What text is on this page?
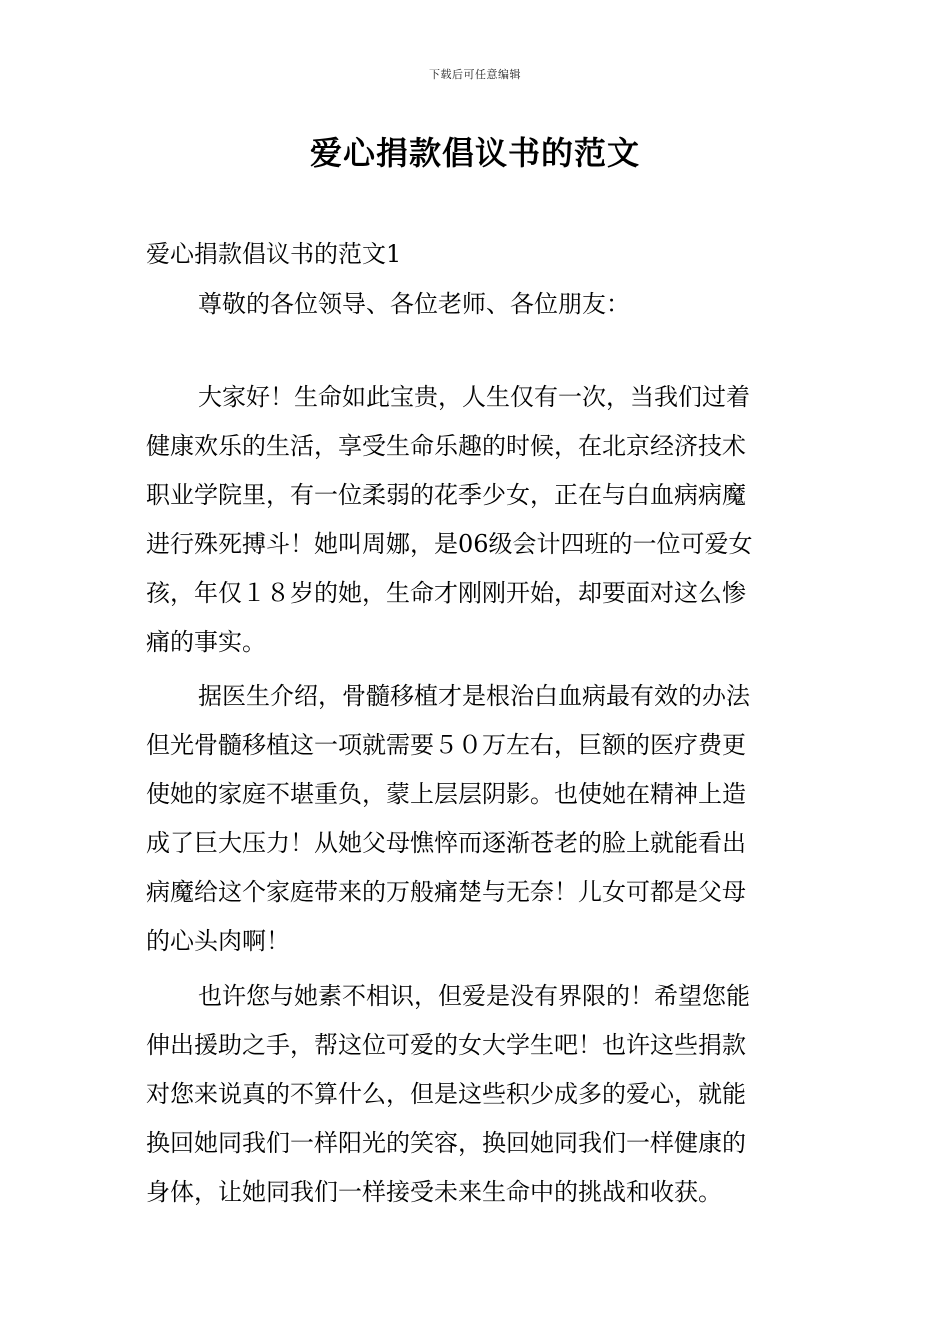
下载后可任意编辑
爱心捐款倡议书的范文
爱心捐款倡议书的范文1
尊敬的各位领导、各位老师、各位朋友：
大家好！生命如此宝贵，人生仅有一次，当我们过着
健康欢乐的生活，享受生命乐趣的时候，在北京经济技术
职业学院里，有一位柔弱的花季少女，正在与白血病病魔
进行殊死搏斗！她叫周娜，是06级会计四班的一位可爱女
孩，年仅１８岁的她，生命才刚刚开始，却要面对这么惨
痛的事实。
据医生介绍，骨髓移植才是根治白血病最有效的办法
但光骨髓移植这一项就需要５０万左右，巨额的医疗费更
使她的家庭不堪重负，蒙上层层阴影。也使她在精神上造
成了巨大压力！从她父母憔悴而逐渐苍老的脸上就能看出
病魔给这个家庭带来的万般痛楚与无奈！儿女可都是父母
的心头肉啊！
也许您与她素不相识，但爱是没有界限的！希望您能
伸出援助之手，帮这位可爱的女大学生吧！也许这些捐款
对您来说真的不算什么，但是这些积少成多的爱心，就能
换回她同我们一样阳光的笑容，换回她同我们一样健康的
身体，让她同我们一样接受未来生命中的挑战和收获。
